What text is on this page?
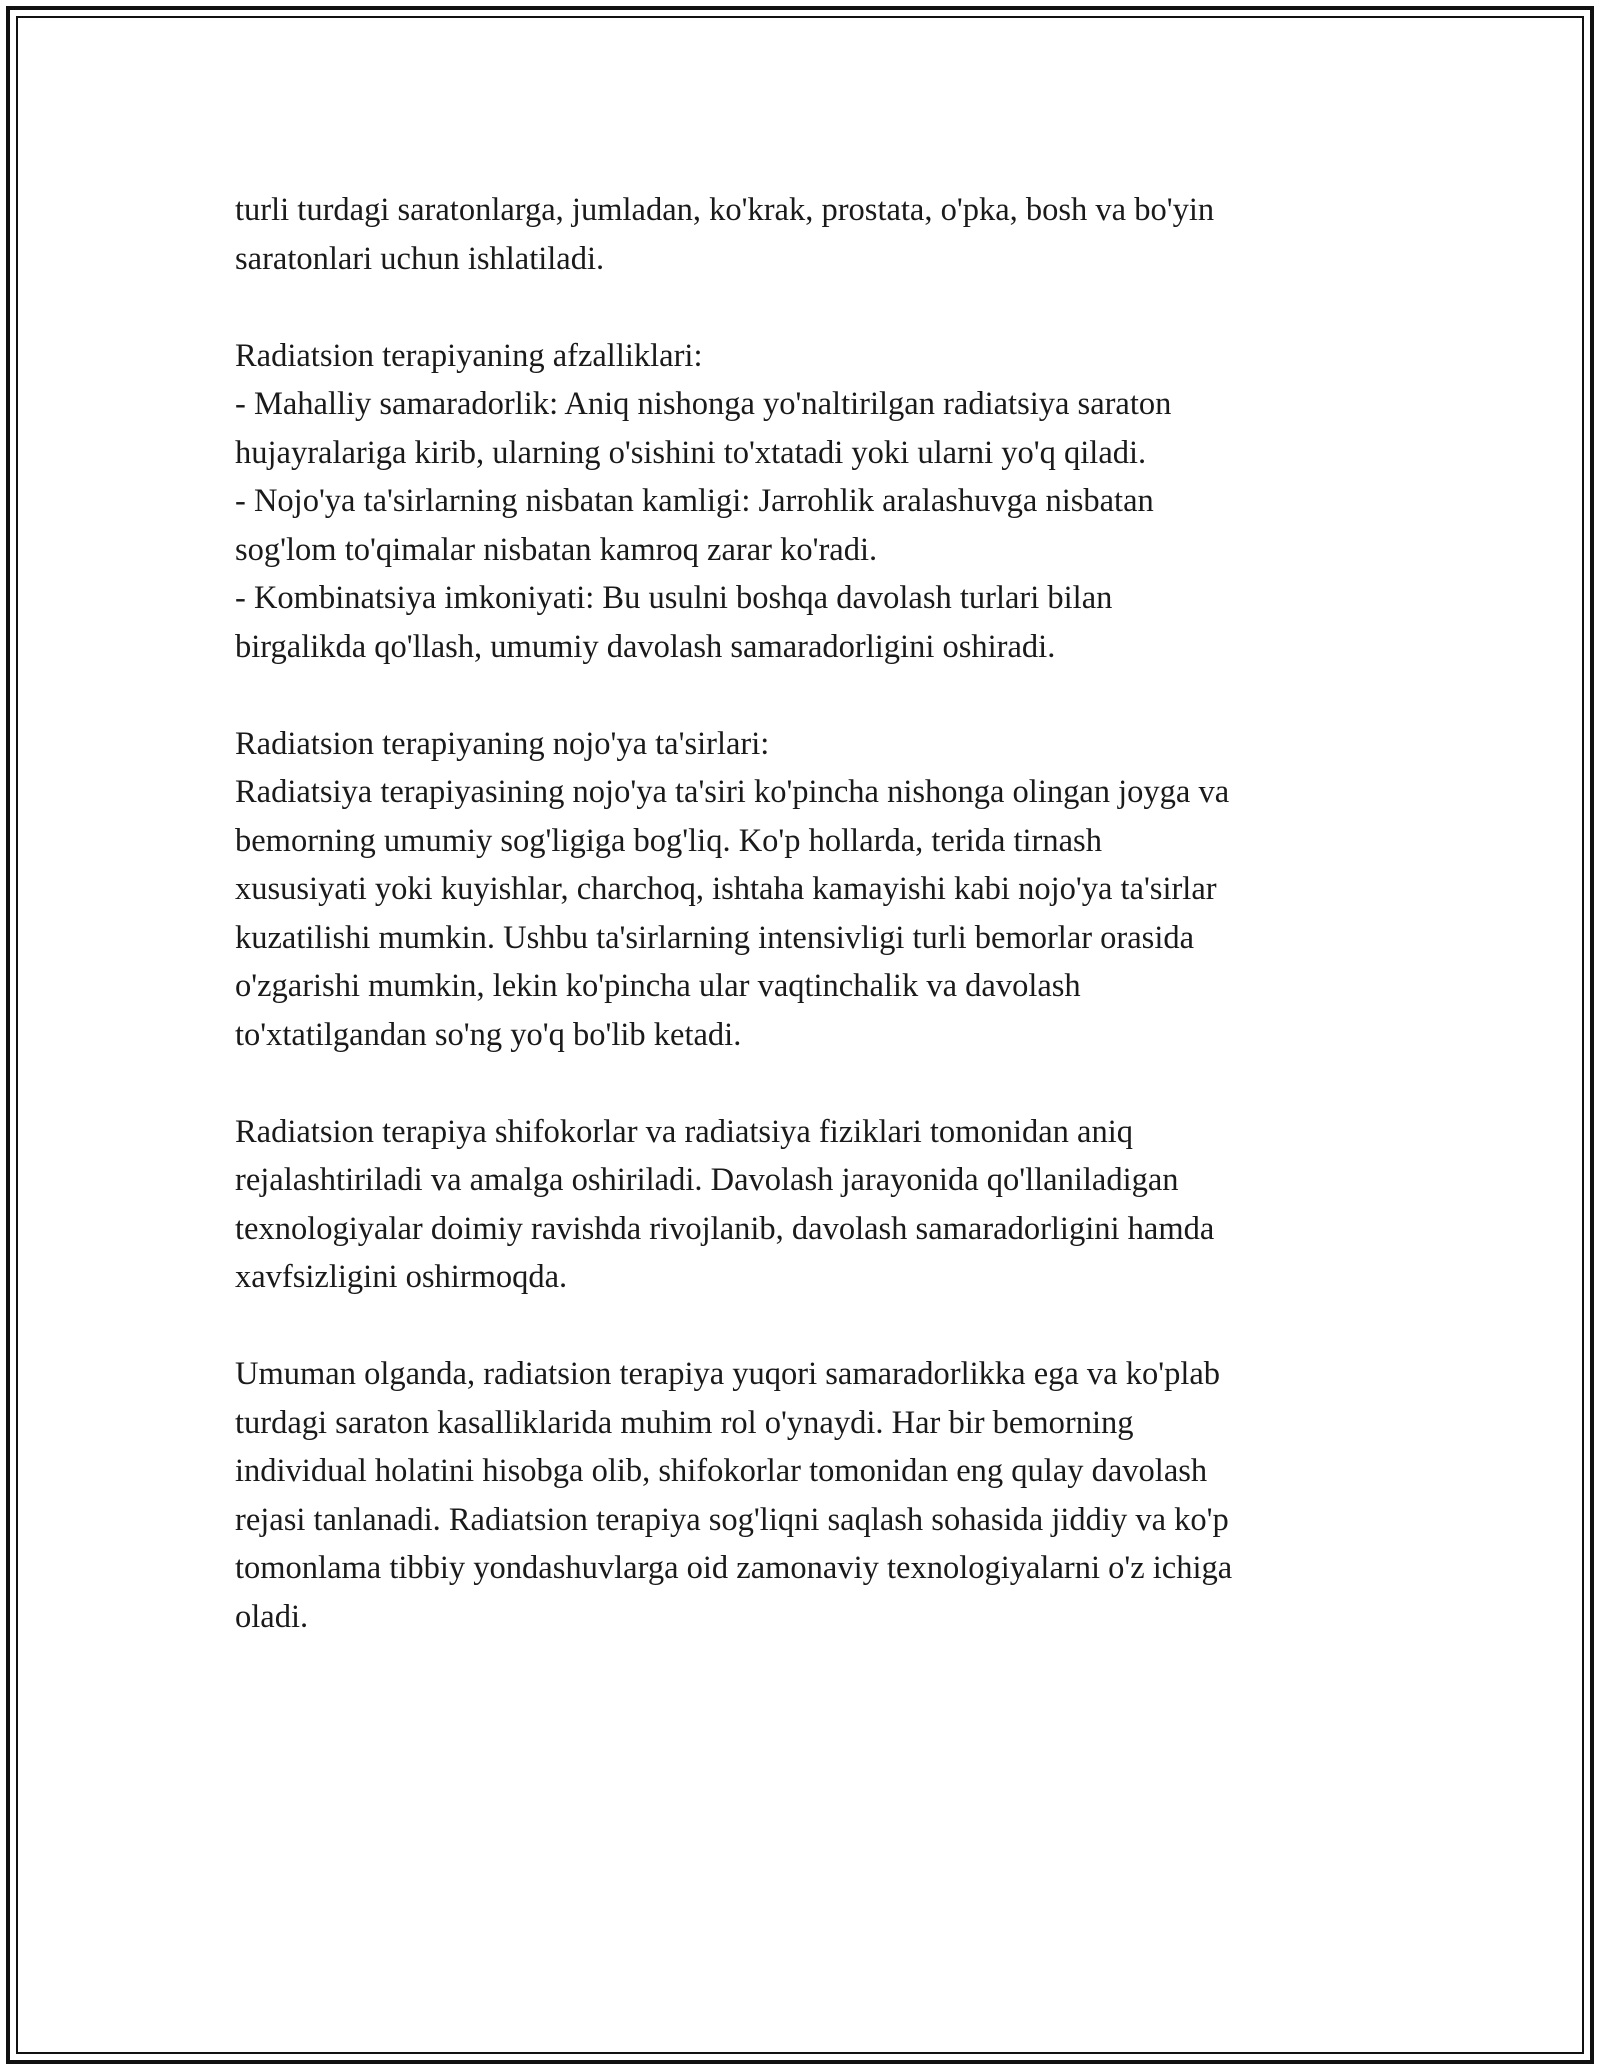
turli turdagi saratonlarga, jumladan, ko'krak, prostata, o'pka, bosh va bo'yin

saratonlari uchun ishlatiladi.

Radiatsion terapiyaning afzalliklari:

- Mahalliy samaradorlik: Aniq nishonga yo'naltirilgan radiatsiya saraton

hujayralariga kirib, ularning o'sishini to'xtatadi yoki ularni yo'q qiladi.

- Nojo'ya ta'sirlarning nisbatan kamligi: Jarrohlik aralashuvga nisbatan

sog'lom to'qimalar nisbatan kamroq zarar ko'radi.

- Kombinatsiya imkoniyati: Bu usulni boshqa davolash turlari bilan

birgalikda qo'llash, umumiy davolash samaradorligini oshiradi.

Radiatsion terapiyaning nojo'ya ta'sirlari:

Radiatsiya terapiyasining nojo'ya ta'siri ko'pincha nishonga olingan joyga va

bemorning umumiy sog'ligiga bog'liq. Ko'p hollarda, terida tirnash

xususiyati yoki kuyishlar, charchoq, ishtaha kamayishi kabi nojo'ya ta'sirlar

kuzatilishi mumkin. Ushbu ta'sirlarning intensivligi turli bemorlar orasida

o'zgarishi mumkin, lekin ko'pincha ular vaqtinchalik va davolash

to'xtatilgandan so'ng yo'q bo'lib ketadi.

Radiatsion terapiya shifokorlar va radiatsiya fiziklari tomonidan aniq

rejalashtiriladi va amalga oshiriladi. Davolash jarayonida qo'llaniladigan

texnologiyalar doimiy ravishda rivojlanib, davolash samaradorligini hamda

xavfsizligini oshirmoqda.

Umuman olganda, radiatsion terapiya yuqori samaradorlikka ega va ko'plab

turdagi saraton kasalliklarida muhim rol o'ynaydi. Har bir bemorning

individual holatini hisobga olib, shifokorlar tomonidan eng qulay davolash

rejasi tanlanadi. Radiatsion terapiya sog'liqni saqlash sohasida jiddiy va ko'p

tomonlama tibbiy yondashuvlarga oid zamonaviy texnologiyalarni o'z ichiga

oladi.
